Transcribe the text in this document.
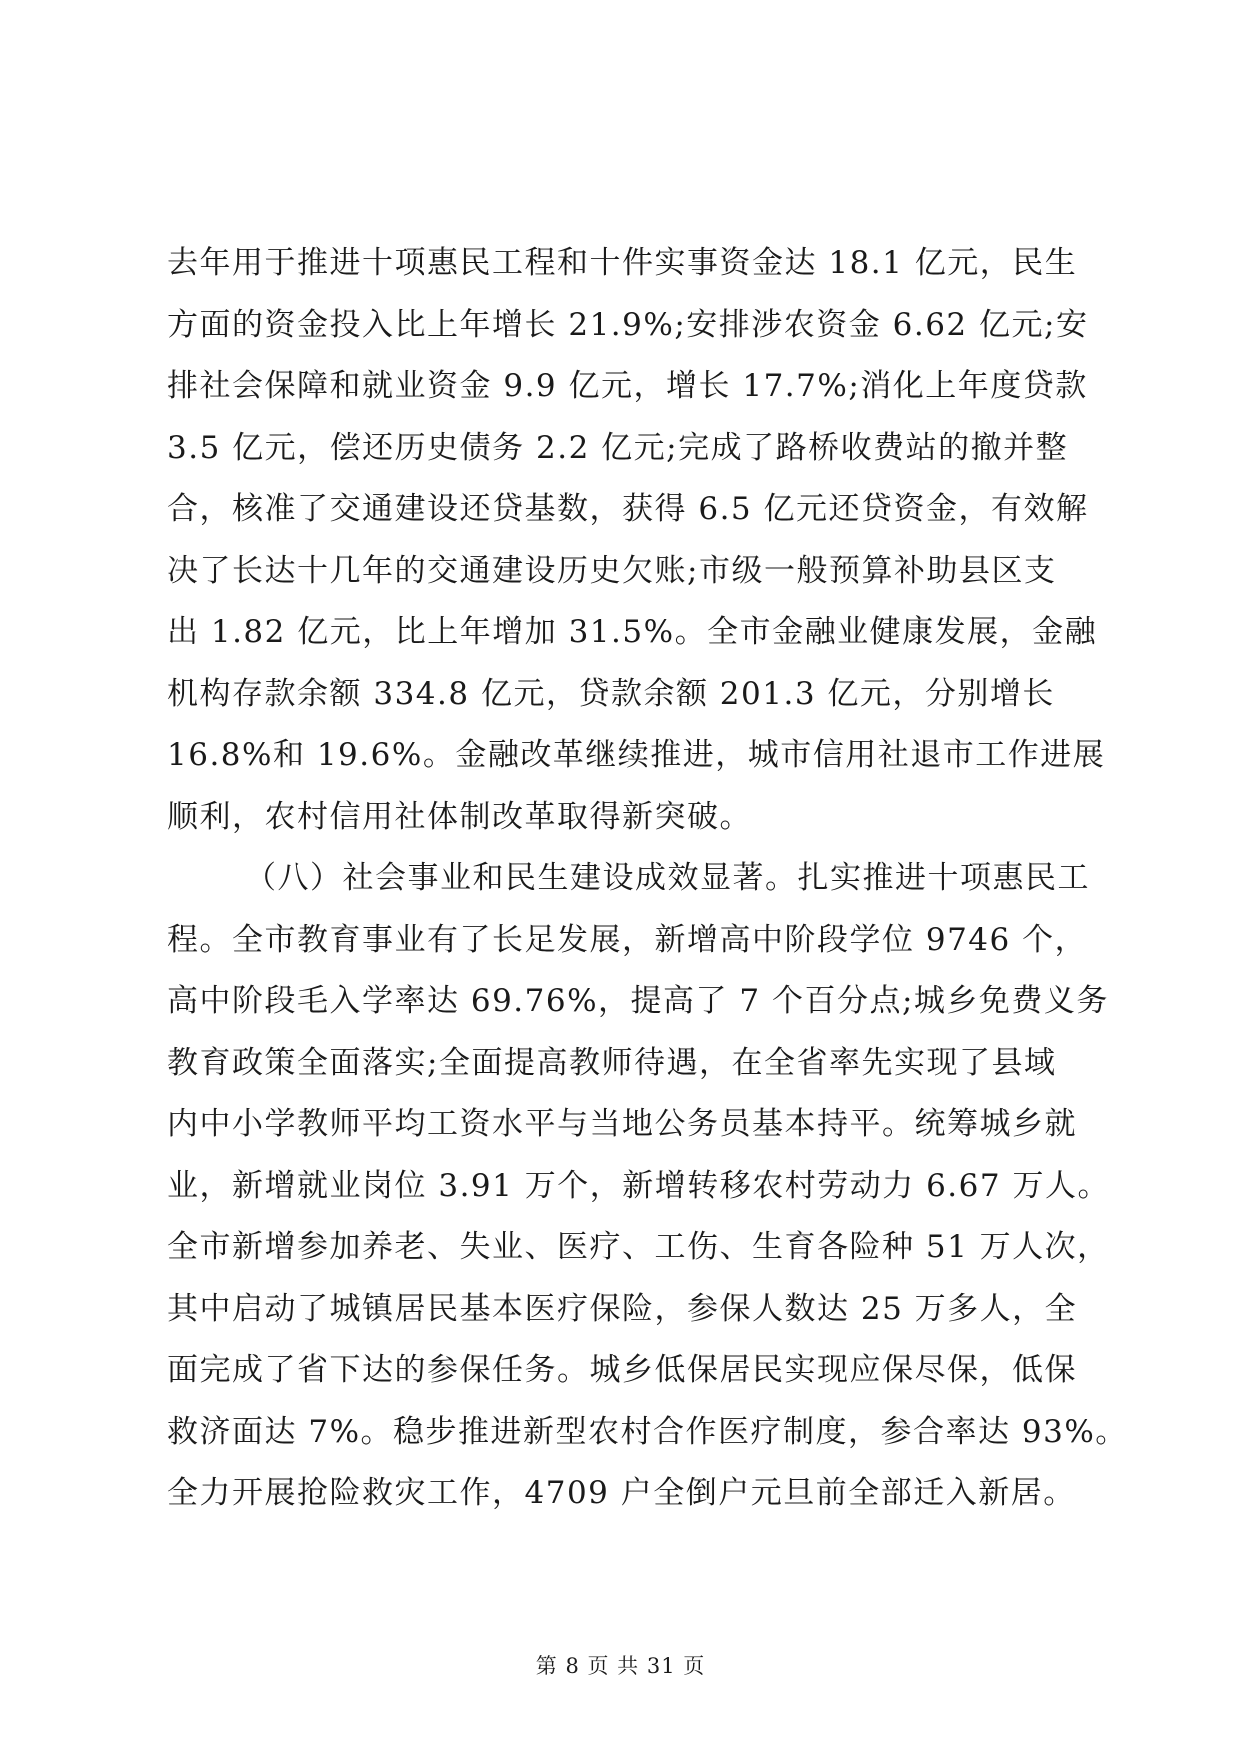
去年用于推进十项惠民工程和十件实事资金达 18.1 亿元，民生
方面的资金投入比上年增长 21.9%;安排涉农资金 6.62 亿元;安
排社会保障和就业资金 9.9 亿元，增长 17.7%;消化上年度贷款
3.5 亿元，偿还历史债务 2.2 亿元;完成了路桥收费站的撤并整
合，核准了交通建设还贷基数，获得 6.5 亿元还贷资金，有效解
决了长达十几年的交通建设历史欠账;市级一般预算补助县区支
出 1.82 亿元，比上年增加 31.5%。全市金融业健康发展，金融
机构存款余额 334.8 亿元，贷款余额 201.3 亿元，分别增长
16.8%和 19.6%。金融改革继续推进，城市信用社退市工作进展
顺利，农村信用社体制改革取得新突破。
（八）社会事业和民生建设成效显著。扎实推进十项惠民工
程。全市教育事业有了长足发展，新增高中阶段学位 9746 个，
高中阶段毛入学率达 69.76%，提高了 7 个百分点;城乡免费义务
教育政策全面落实;全面提高教师待遇，在全省率先实现了县域
内中小学教师平均工资水平与当地公务员基本持平。统筹城乡就
业，新增就业岗位 3.91 万个，新增转移农村劳动力 6.67 万人。
全市新增参加养老、失业、医疗、工伤、生育各险种 51 万人次，
其中启动了城镇居民基本医疗保险，参保人数达 25 万多人，全
面完成了省下达的参保任务。城乡低保居民实现应保尽保，低保
救济面达 7%。稳步推进新型农村合作医疗制度，参合率达 93%。
全力开展抢险救灾工作，4709 户全倒户元旦前全部迁入新居。
第 8 页 共 31 页
